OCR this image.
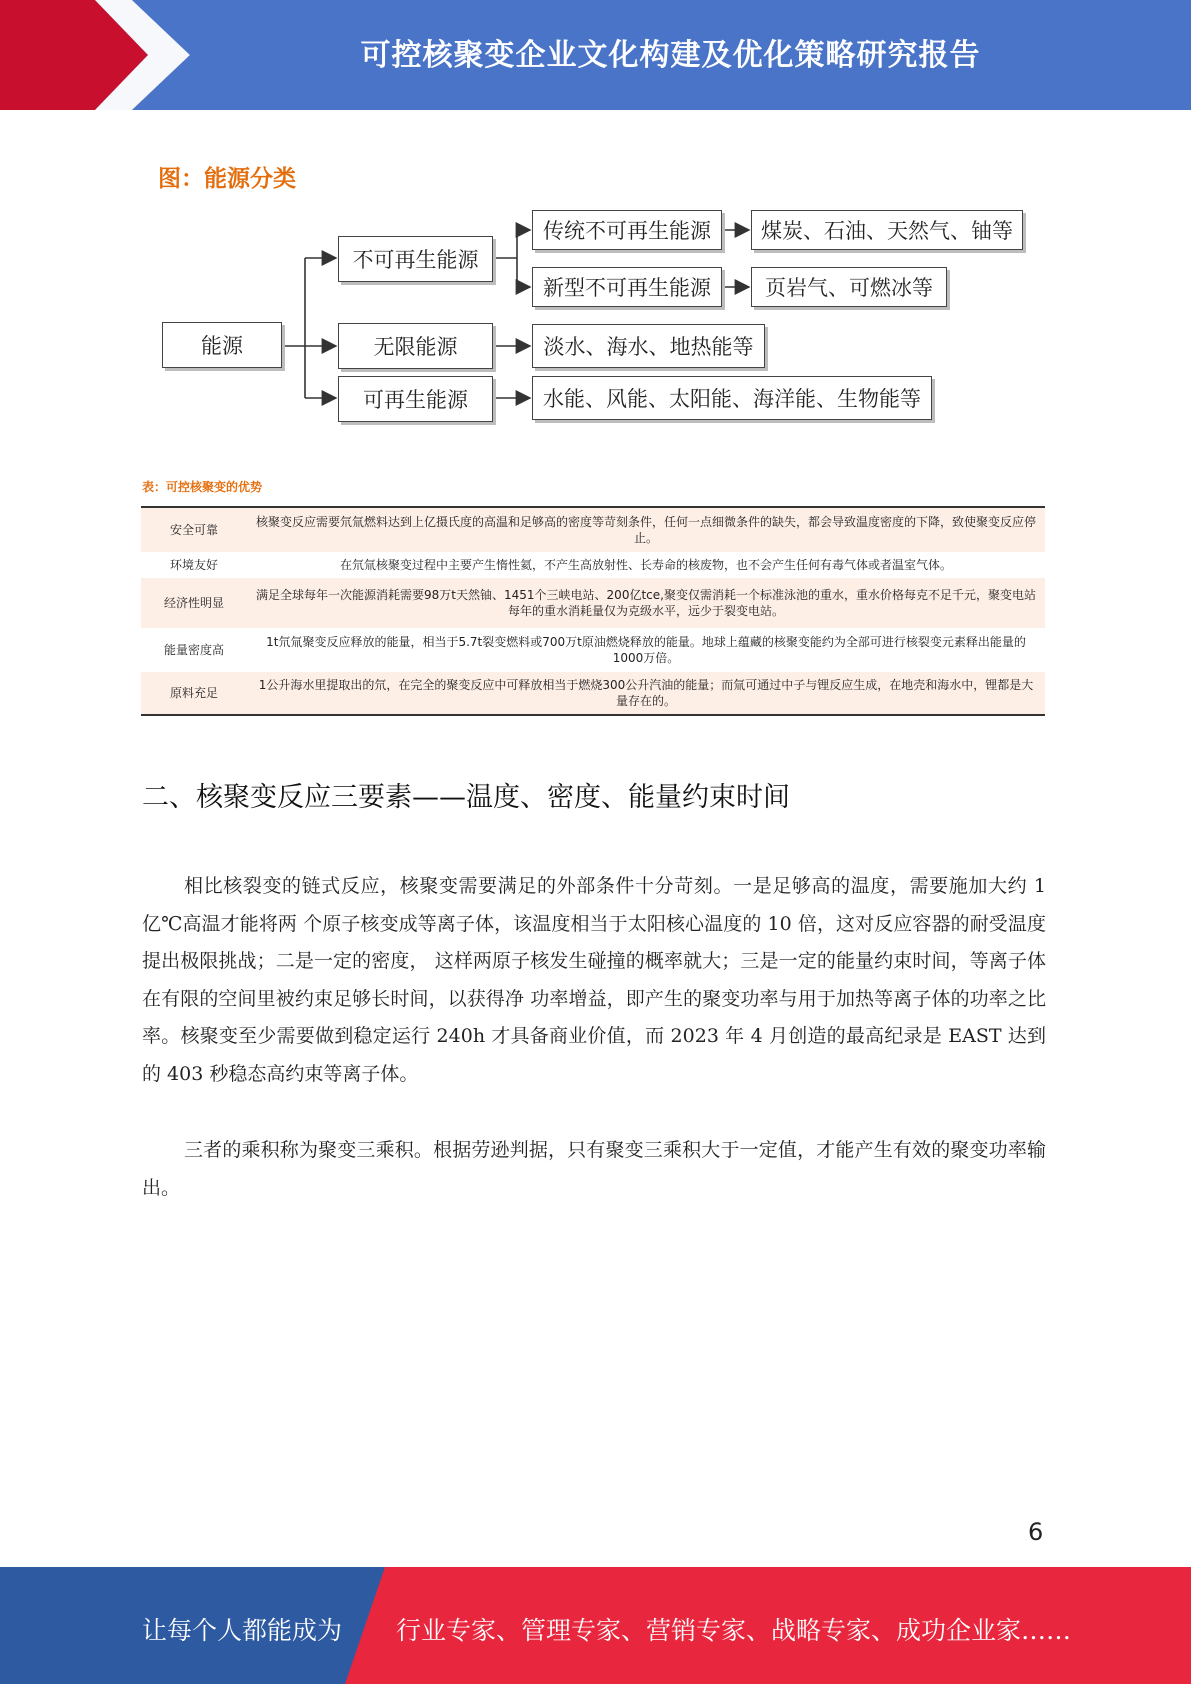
可控核聚变企业文化构建及优化策略研究报告
图：能源分类
能源
不可再生能源
无限能源
可再生能源
传统不可再生能源
新型不可再生能源
淡水、海水、地热能等
水能、风能、太阳能、海洋能、生物能等
煤炭、石油、天然气、铀等
页岩气、可燃冰等
表：可控核聚变的优势
安全可靠	核聚变反应需要氘氚燃料达到上亿摄氏度的高温和足够高的密度等苛刻条件，任何一点细微条件的缺失，都会导致温度密度的下降，致使聚变反应停止。
环境友好	在氘氚核聚变过程中主要产生惰性氦，不产生高放射性、长寿命的核废物，也不会产生任何有毒气体或者温室气体。
经济性明显	满足全球每年一次能源消耗需要98万t天然铀、1451个三峡电站、200亿tce,聚变仅需消耗一个标准泳池的重水，重水价格每克不足千元，聚变电站每年的重水消耗量仅为克级水平，远少于裂变电站。
能量密度高	1t氘氚聚变反应释放的能量，相当于5.7t裂变燃料或700万t原油燃烧释放的能量。地球上蕴藏的核聚变能约为全部可进行核裂变元素释出能量的1000万倍。
原料充足	1公升海水里提取出的氘，在完全的聚变反应中可释放相当于燃烧300公升汽油的能量；而氚可通过中子与锂反应生成，在地壳和海水中，锂都是大量存在的。
二、核聚变反应三要素——温度、密度、能量约束时间

相比核裂变的链式反应，核聚变需要满足的外部条件十分苛刻。一是足够高的温度，需要施加大约 1 亿℃高温才能将两 个原子核变成等离子体，该温度相当于太阳核心温度的 10 倍，这对反应容器的耐受温度提出极限挑战；二是一定的密度， 这样两原子核发生碰撞的概率就大；三是一定的能量约束时间，等离子体在有限的空间里被约束足够长时间，以获得净 功率增益，即产生的聚变功率与用于加热等离子体的功率之比率。核聚变至少需要做到稳定运行 240h 才具备商业价值，而 2023 年 4 月创造的最高纪录是 EAST 达到的 403 秒稳态高约束等离子体。

三者的乘积称为聚变三乘积。根据劳逊判据，只有聚变三乘积大于一定值，才能产生有效的聚变功率输出。

6
让每个人都能成为 行业专家、管理专家、营销专家、战略专家、成功企业家……
